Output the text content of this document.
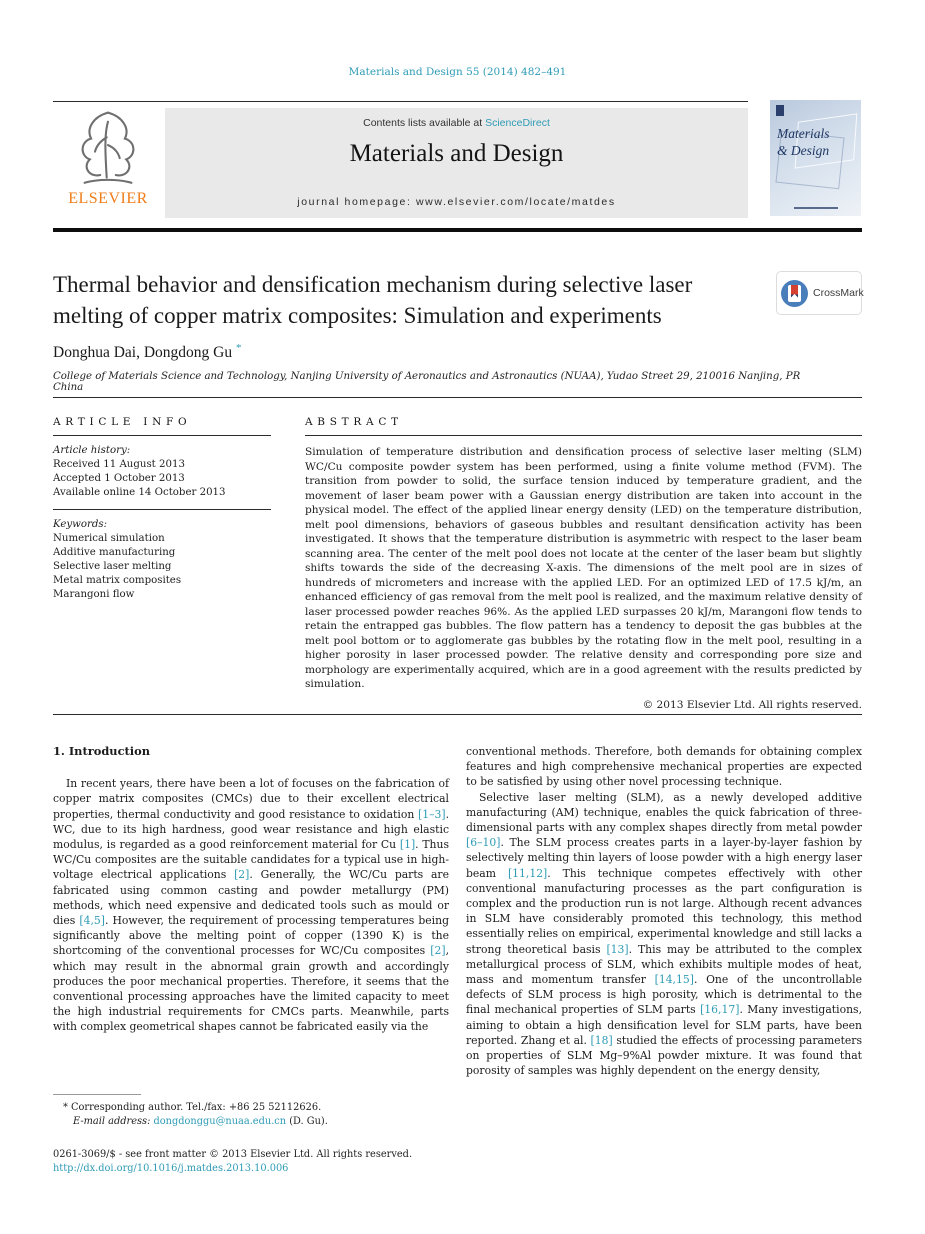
Materials and Design 55 (2014) 482–491
ELSEVIER
Contents lists available at ScienceDirect
Materials and Design
journal homepage: www.elsevier.com/locate/matdes
Materials
& Design
Thermal behavior and densification mechanism during selective laser melting of copper matrix composites: Simulation and experiments
CrossMark
Donghua Dai, Dongdong Gu *
College of Materials Science and Technology, Nanjing University of Aeronautics and Astronautics (NUAA), Yudao Street 29, 210016 Nanjing, PR China
ARTICLE INFO
Article history:
Received 11 August 2013
Accepted 1 October 2013
Available online 14 October 2013
Keywords:
Numerical simulation
Additive manufacturing
Selective laser melting
Metal matrix composites
Marangoni flow
ABSTRACT
Simulation of temperature distribution and densification process of selective laser melting (SLM) WC/Cu composite powder system has been performed, using a finite volume method (FVM). The transition from powder to solid, the surface tension induced by temperature gradient, and the movement of laser beam power with a Gaussian energy distribution are taken into account in the physical model. The effect of the applied linear energy density (LED) on the temperature distribution, melt pool dimensions, behaviors of gaseous bubbles and resultant densification activity has been investigated. It shows that the temperature distribution is asymmetric with respect to the laser beam scanning area. The center of the melt pool does not locate at the center of the laser beam but slightly shifts towards the side of the decreasing X-axis. The dimensions of the melt pool are in sizes of hundreds of micrometers and increase with the applied LED. For an optimized LED of 17.5 kJ/m, an enhanced efficiency of gas removal from the melt pool is realized, and the maximum relative density of laser processed powder reaches 96%. As the applied LED surpasses 20 kJ/m, Marangoni flow tends to retain the entrapped gas bubbles. The flow pattern has a tendency to deposit the gas bubbles at the melt pool bottom or to agglomerate gas bubbles by the rotating flow in the melt pool, resulting in a higher porosity in laser processed powder. The relative density and corresponding pore size and morphology are experimentally acquired, which are in a good agreement with the results predicted by simulation.
© 2013 Elsevier Ltd. All rights reserved.
1. Introduction

In recent years, there have been a lot of focuses on the fabrication of copper matrix composites (CMCs) due to their excellent electrical properties, thermal conductivity and good resistance to oxidation [1–3]. WC, due to its high hardness, good wear resistance and high elastic modulus, is regarded as a good reinforcement material for Cu [1]. Thus WC/Cu composites are the suitable candidates for a typical use in high-voltage electrical applications [2]. Generally, the WC/Cu parts are fabricated using common casting and powder metallurgy (PM) methods, which need expensive and dedicated tools such as mould or dies [4,5]. However, the requirement of processing temperatures being significantly above the melting point of copper (1390 K) is the shortcoming of the conventional processes for WC/Cu composites [2], which may result in the abnormal grain growth and accordingly produces the poor mechanical properties. Therefore, it seems that the conventional processing approaches have the limited capacity to meet the high industrial requirements for CMCs parts. Meanwhile, parts with complex geometrical shapes cannot be fabricated easily via the

conventional methods. Therefore, both demands for obtaining complex features and high comprehensive mechanical properties are expected to be satisfied by using other novel processing technique.

Selective laser melting (SLM), as a newly developed additive manufacturing (AM) technique, enables the quick fabrication of three-dimensional parts with any complex shapes directly from metal powder [6–10]. The SLM process creates parts in a layer-by-layer fashion by selectively melting thin layers of loose powder with a high energy laser beam [11,12]. This technique competes effectively with other conventional manufacturing processes as the part configuration is complex and the production run is not large. Although recent advances in SLM have considerably promoted this technology, this method essentially relies on empirical, experimental knowledge and still lacks a strong theoretical basis [13]. This may be attributed to the complex metallurgical process of SLM, which exhibits multiple modes of heat, mass and momentum transfer [14,15]. One of the uncontrollable defects of SLM process is high porosity, which is detrimental to the final mechanical properties of SLM parts [16,17]. Many investigations, aiming to obtain a high densification level for SLM parts, have been reported. Zhang et al. [18] studied the effects of processing parameters on properties of SLM Mg–9%Al powder mixture. It was found that porosity of samples was highly dependent on the energy density,

* Corresponding author. Tel./fax: +86 25 52112626.
E-mail address: dongdonggu@nuaa.edu.cn (D. Gu).
0261-3069/$ - see front matter © 2013 Elsevier Ltd. All rights reserved.
http://dx.doi.org/10.1016/j.matdes.2013.10.006
